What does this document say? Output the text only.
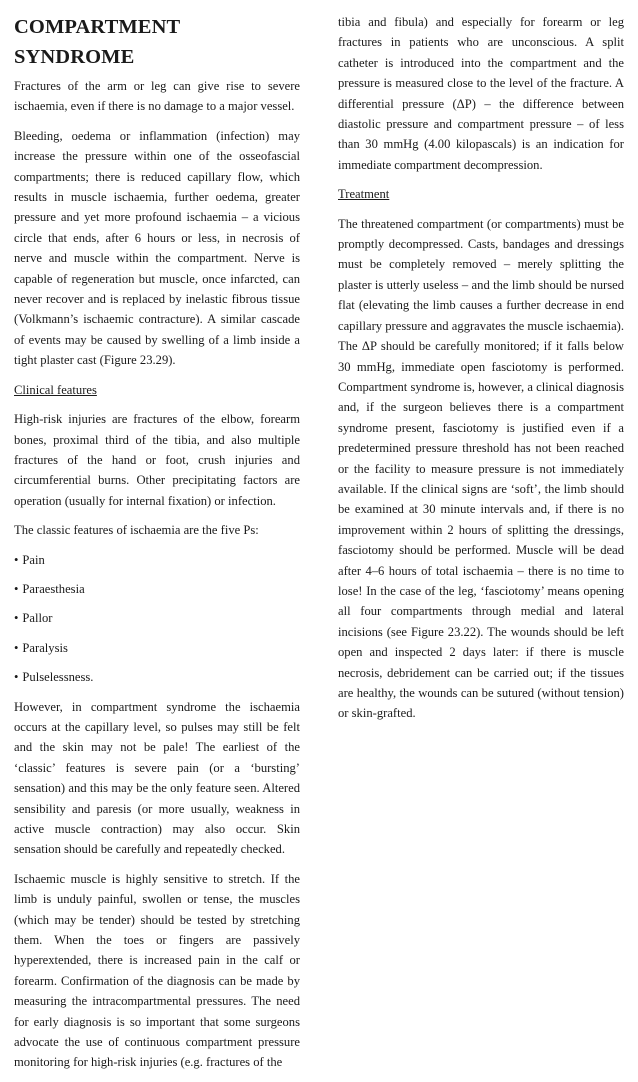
COMPARTMENT SYNDROME

Fractures of the arm or leg can give rise to severe ischaemia, even if there is no damage to a major vessel.

Bleeding, oedema or inflammation (infection) may increase the pressure within one of the osseofascial compartments; there is reduced capillary flow, which results in muscle ischaemia, further oedema, greater pressure and yet more profound ischaemia – a vicious circle that ends, after 6 hours or less, in necrosis of nerve and muscle within the compartment. Nerve is capable of regeneration but muscle, once infarcted, can never recover and is replaced by inelastic fibrous tissue (Volkmann’s ischaemic contracture). A similar cascade of events may be caused by swelling of a limb inside a tight plaster cast (Figure 23.29).

Clinical features

High-risk injuries are fractures of the elbow, forearm bones, proximal third of the tibia, and also multiple fractures of the hand or foot, crush injuries and circumferential burns. Other precipitating factors are operation (usually for internal fixation) or infection.

The classic features of ischaemia are the five Ps:

• Pain
• Paraesthesia
• Pallor
• Paralysis
• Pulselessness.

However, in compartment syndrome the ischaemia occurs at the capillary level, so pulses may still be felt and the skin may not be pale! The earliest of the ‘classic’ features is severe pain (or a ‘bursting’ sensation) and this may be the only feature seen. Altered sensibility and paresis (or more usually, weakness in active muscle contraction) may also occur. Skin sensation should be carefully and repeatedly checked.

Ischaemic muscle is highly sensitive to stretch. If the limb is unduly painful, swollen or tense, the muscles (which may be tender) should be tested by stretching them. When the toes or fingers are passively hyperextended, there is increased pain in the calf or forearm. Confirmation of the diagnosis can be made by measuring the intracompartmental pressures. The need for early diagnosis is so important that some surgeons advocate the use of continuous compartment pressure monitoring for high-risk injuries (e.g. fractures of the

tibia and fibula) and especially for forearm or leg fractures in patients who are unconscious. A split catheter is introduced into the compartment and the pressure is measured close to the level of the fracture. A differential pressure (ΔP) – the difference between diastolic pressure and compartment pressure – of less than 30 mmHg (4.00 kilopascals) is an indication for immediate compartment decompression.

Treatment

The threatened compartment (or compartments) must be promptly decompressed. Casts, bandages and dressings must be completely removed – merely splitting the plaster is utterly useless – and the limb should be nursed flat (elevating the limb causes a further decrease in end capillary pressure and aggravates the muscle ischaemia). The ΔP should be carefully monitored; if it falls below 30 mmHg, immediate open fasciotomy is performed. Compartment syndrome is, however, a clinical diagnosis and, if the surgeon believes there is a compartment syndrome present, fasciotomy is justified even if a predetermined pressure threshold has not been reached or the facility to measure pressure is not immediately available. If the clinical signs are ‘soft’, the limb should be examined at 30 minute intervals and, if there is no improvement within 2 hours of splitting the dressings, fasciotomy should be performed. Muscle will be dead after 4–6 hours of total ischaemia – there is no time to lose! In the case of the leg, ‘fasciotomy’ means opening all four compartments through medial and lateral incisions (see Figure 23.22). The wounds should be left open and inspected 2 days later: if there is muscle necrosis, debridement can be carried out; if the tissues are healthy, the wounds can be sutured (without tension) or skin-grafted.
